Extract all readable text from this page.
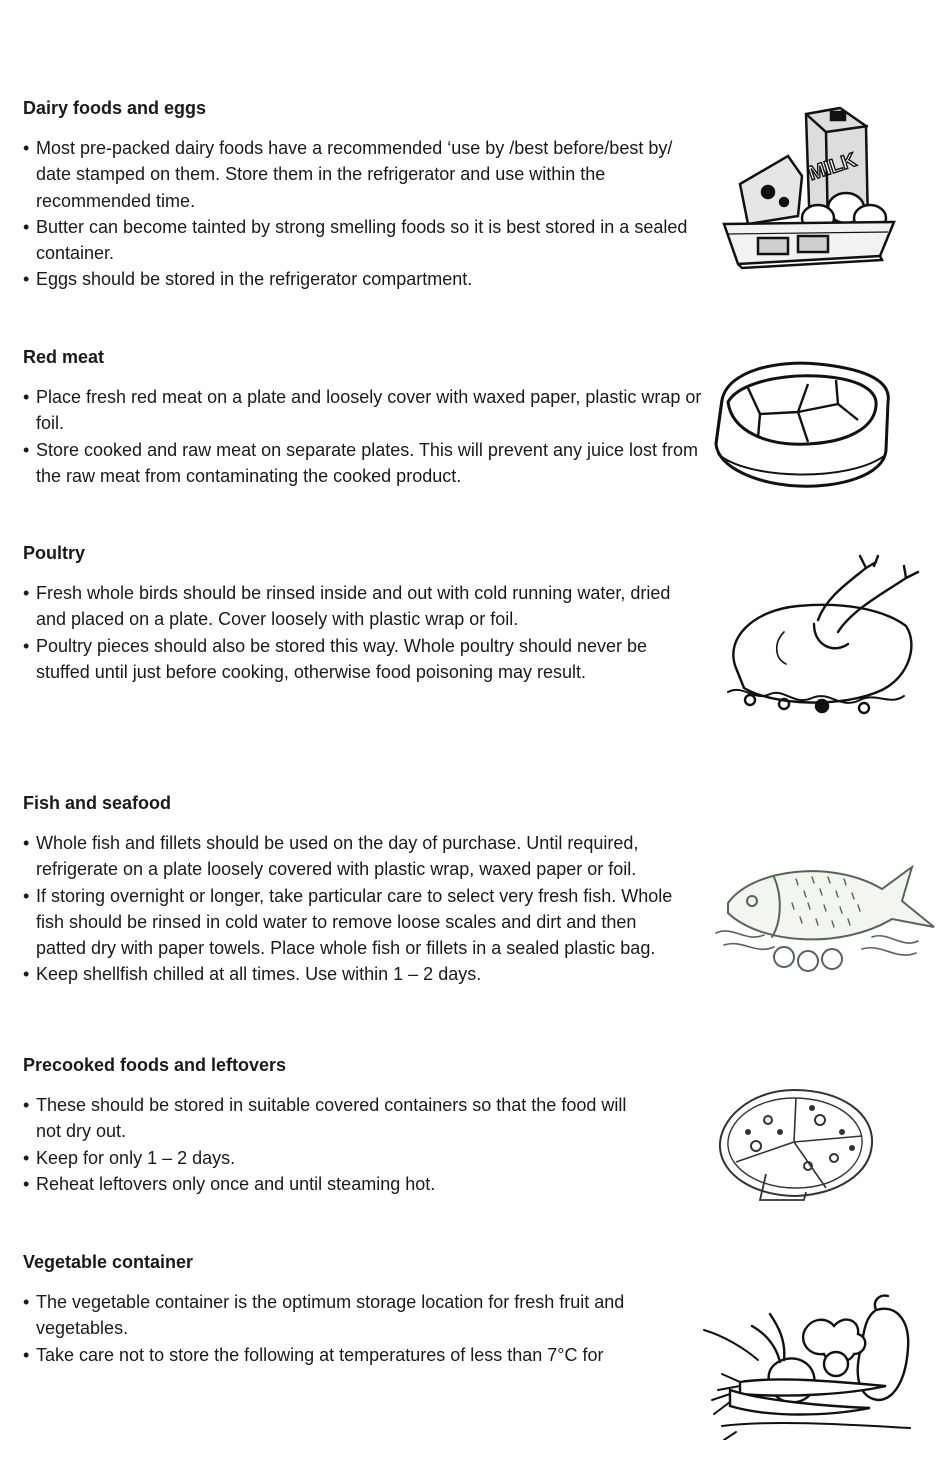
Dairy foods and eggs
• Most pre-packed dairy foods have a recommended ‘use by /best before/best by/ date stamped on them. Store them in the refrigerator and use within the recommended time.
• Butter can become tainted by strong smelling foods so it is best stored in a sealed container.
• Eggs should be stored in the refrigerator compartment.
MILK
Red meat
• Place fresh red meat on a plate and loosely cover with waxed paper, plastic wrap or foil.
• Store cooked and raw meat on separate plates. This will prevent any juice lost from the raw meat from contaminating the cooked product.
Poultry
• Fresh whole birds should be rinsed inside and out with cold running water, dried and placed on a plate. Cover loosely with plastic wrap or foil.
• Poultry pieces should also be stored this way. Whole poultry should never be stuffed until just before cooking, otherwise food poisoning may result.
Fish and seafood
• Whole fish and fillets should be used on the day of purchase. Until required, refrigerate on a plate loosely covered with plastic wrap, waxed paper or foil.
• If storing overnight or longer, take particular care to select very fresh fish. Whole fish should be rinsed in cold water to remove loose scales and dirt and then patted dry with paper towels. Place whole fish or fillets in a sealed plastic bag.
• Keep shellfish chilled at all times. Use within 1 – 2 days.
Precooked foods and leftovers
• These should be stored in suitable covered containers so that the food will not dry out.
• Keep for only 1 – 2 days.
• Reheat leftovers only once and until steaming hot.
Vegetable container
• The vegetable container is the optimum storage location for fresh fruit and vegetables.
• Take care not to store the following at temperatures of less than 7°C for
